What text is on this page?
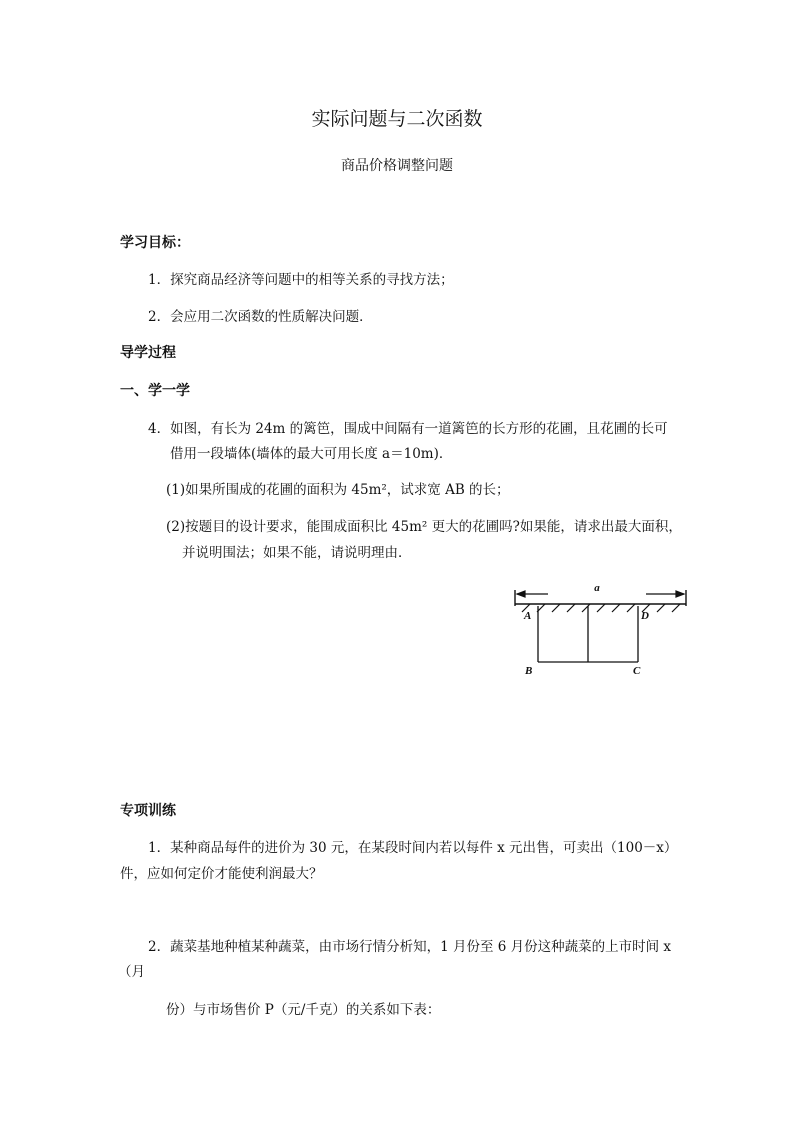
实际问题与二次函数
商品价格调整问题
学习目标：
1．探究商品经济等问题中的相等关系的寻找方法；
2．会应用二次函数的性质解决问题．
导学过程
一、学一学
4．如图，有长为 24m 的篱笆，围成中间隔有一道篱笆的长方形的花圃，且花圃的长可
借用一段墙体(墙体的最大可用长度 a＝10m)．
(1)如果所围成的花圃的面积为 45m²，试求宽 AB 的长；
(2)按题目的设计要求，能围成面积比 45m² 更大的花圃吗?如果能，请求出最大面积，
并说明围法；如果不能，请说明理由．
a
A
B	C
D
专项训练
1．某种商品每件的进价为 30 元，在某段时间内若以每件 x 元出售，可卖出（100－x）
件，应如何定价才能使利润最大？
2．蔬菜基地种植某种蔬菜，由市场行情分析知，1 月份至 6 月份这种蔬菜的上市时间 x
（月
份）与市场售价 P（元/千克）的关系如下表：
